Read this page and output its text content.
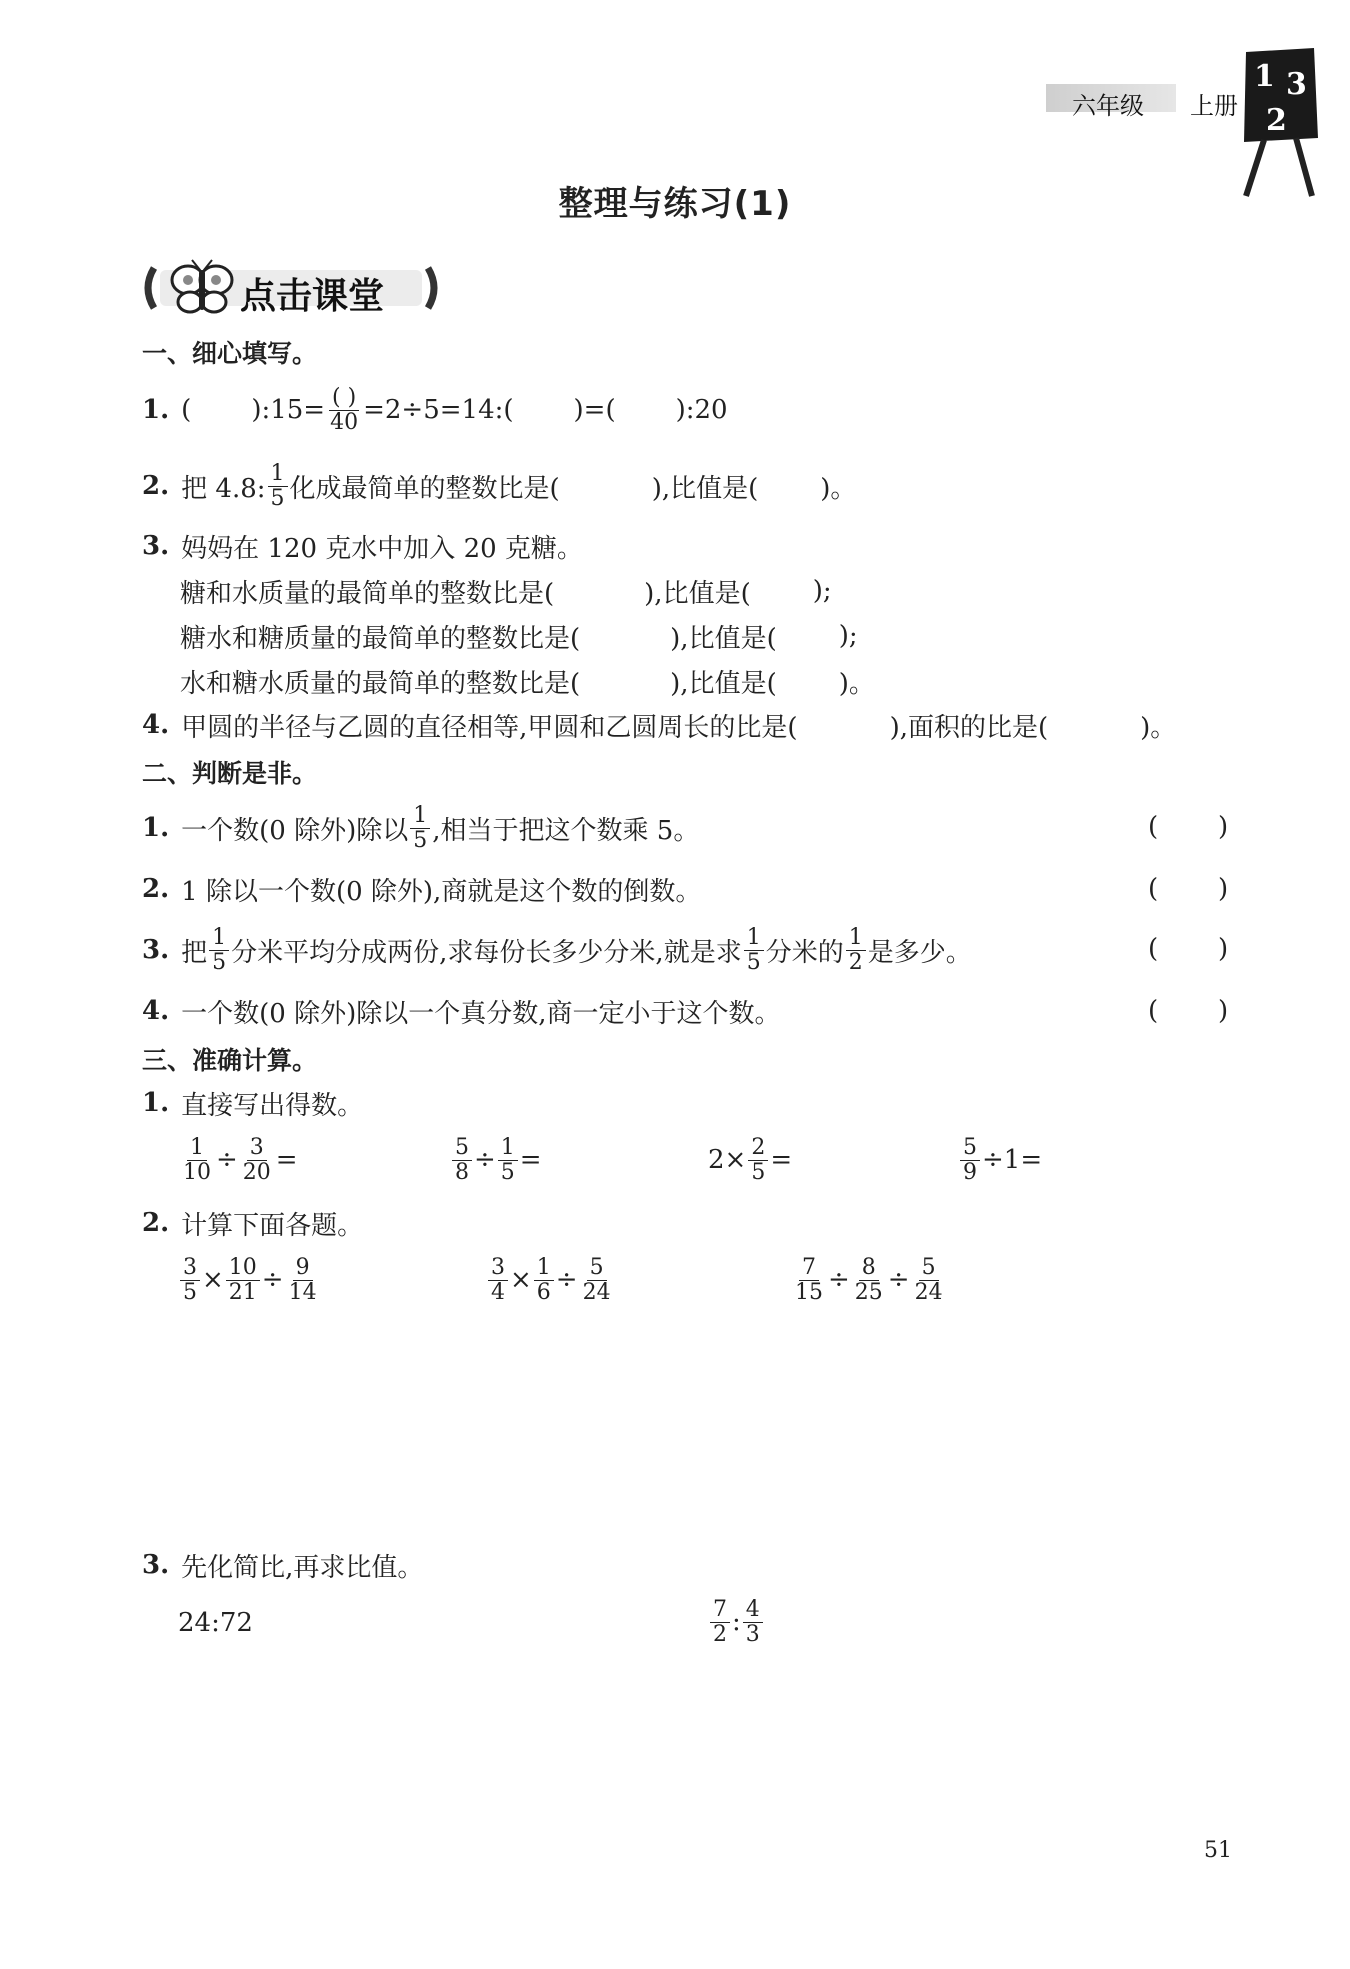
六年级 上册
1 3
2
整理与练习(1)
点击课堂
一、细心填写。
1. ( ):15= $\frac{( )}{40}$ =2÷5=14:( )=( ):20
2. 把 4.8: $\frac{1}{5}$ 化成最简单的整数比是(	),比值是( )。
3. 妈妈在 120 克水中加入 20 克糖。
糖和水质量的最简单的整数比是(	),比值是( );
糖水和糖质量的最简单的整数比是(	),比值是( );
水和糖水质量的最简单的整数比是(	),比值是( )。
4. 甲圆的半径与乙圆的直径相等,甲圆和乙圆周长的比是(	),面积的比是(	)。
二、判断是非。
1. 一个数(0 除外)除以 $\frac{1}{5}$ ,相当于把这个数乘 5。	( )
2. 1 除以一个数(0 除外),商就是这个数的倒数。	( )
3. 把 $\frac{1}{5}$ 分米平均分成两份,求每份长多少分米,就是求 $\frac{1}{5}$ 分米的 $\frac{1}{2}$ 是多少。	( )
4. 一个数(0 除外)除以一个真分数,商一定小于这个数。	( )
三、准确计算。
1. 直接写出得数。
$\frac{1}{10} \div \frac{3}{20}$ =	$\frac{5}{8} \div \frac{1}{5}$ =	$2\times \frac{2}{5}$ =	$\frac{5}{9} \div 1=$
2. 计算下面各题。
$\frac{3}{5} \times \frac{10}{21} \div \frac{9}{14}$	$\frac{3}{4} \times \frac{1}{6} \div \frac{5}{24}$	$\frac{7}{15} \div \frac{8}{25} \div \frac{5}{24}$
3. 先化简比,再求比值。
24:72	$\frac{7}{2}$ : $\frac{4}{3}$
51
